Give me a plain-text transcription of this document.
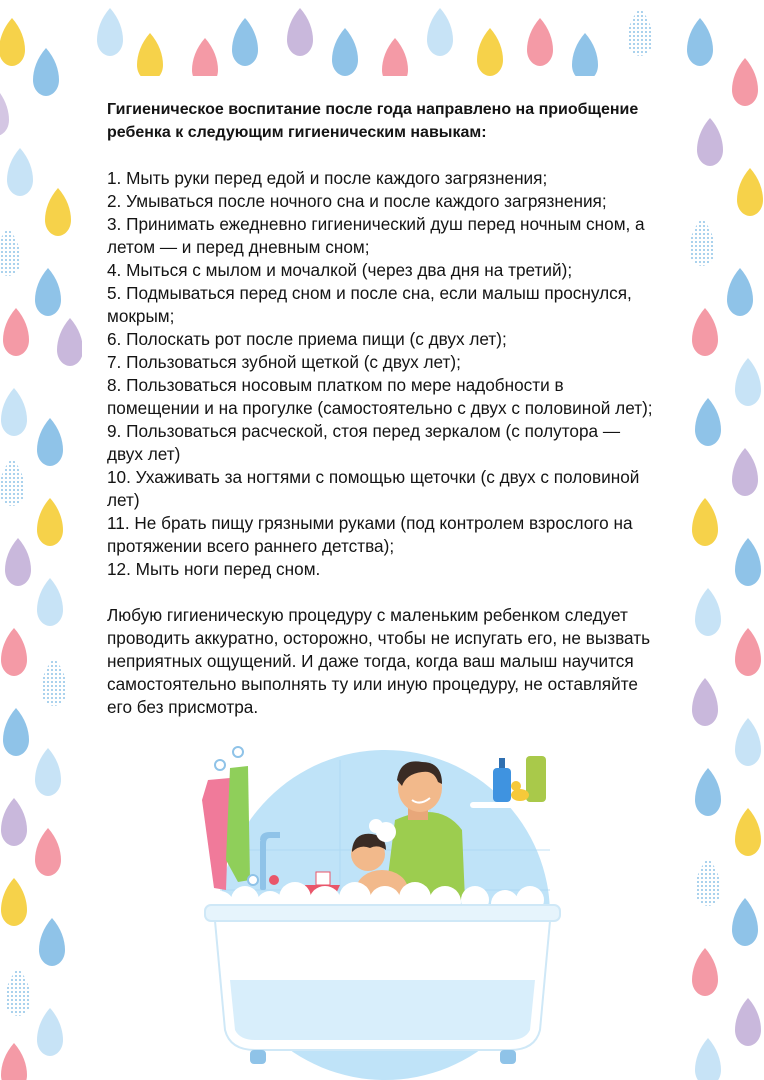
Гигиеническое воспитание после года направлено на приобщение ребенка к следующим гигиеническим навыкам:

1. Мыть руки перед едой и после каждого загрязнения;
2. Умываться после ночного сна и после каждого загрязнения;
3. Принимать ежедневно гигиенический душ перед ночным сном, а летом — и перед дневным сном;
4. Мыться с мылом и мочалкой (через два дня на третий);
5. Подмываться перед сном и после сна, если малыш проснулся, мокрым;
6. Полоскать рот после приема пищи (с двух лет);
7. Пользоваться зубной щеткой (с двух лет);
8. Пользоваться носовым платком по мере надобности в помещении и на прогулке (самостоятельно с двух с половиной лет);
9. Пользоваться расческой, стоя перед зеркалом (с полутора — двух лет)
10. Ухаживать за ногтями с помощью щеточки (с двух с половиной лет)
11. Не брать пищу грязными руками (под контролем взрослого на протяжении всего раннего детства);
12. Мыть ноги перед сном.

Любую гигиеническую процедуру с маленьким ребенком следует проводить аккуратно, осторожно, чтобы не испугать его, не вызвать неприятных ощущений. И даже тогда, когда ваш малыш научится самостоятельно выполнять ту или иную процедуру, не оставляйте его без присмотра.
